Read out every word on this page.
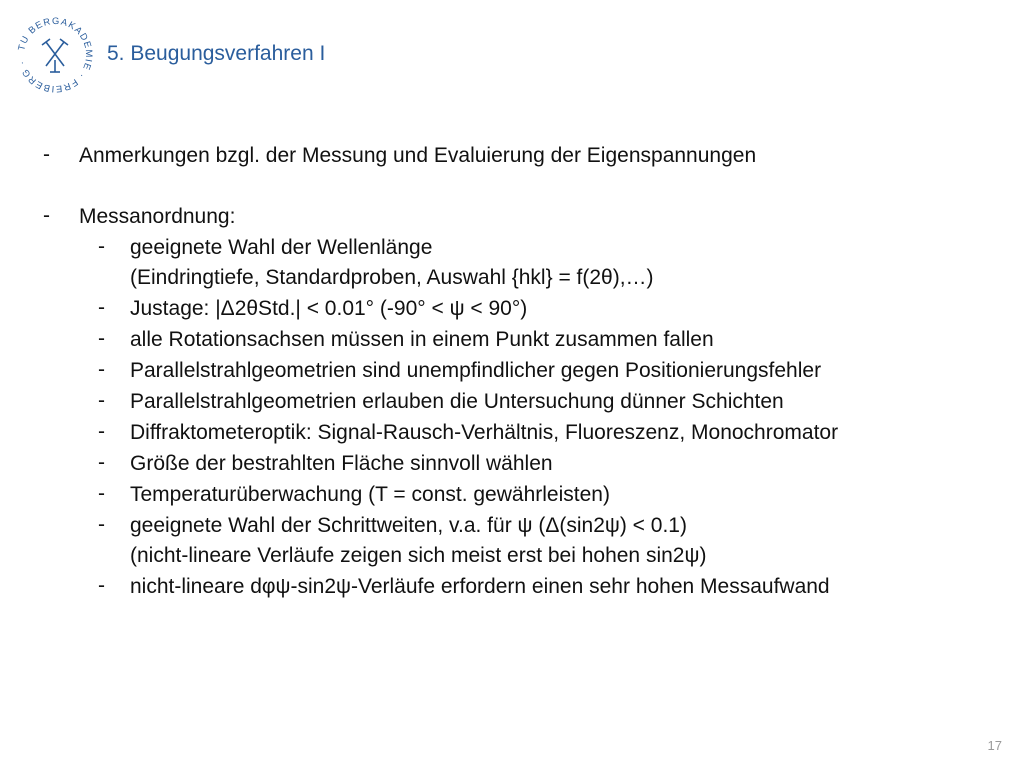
TU BERGAKADEMIE · FREIBERG ·	5. Beugungsverfahren I
- Anmerkungen bzgl. der Messung und Evaluierung der Eigenspannungen
- Messanordnung:
- geeignete Wahl der Wellenlänge
(Eindringtiefe, Standardproben, Auswahl {hkl} = f(2θ),…)
- Justage: |Δ2θStd.| < 0.01° (-90° < ψ < 90°)
- alle Rotationsachsen müssen in einem Punkt zusammen fallen
- Parallelstrahlgeometrien sind unempfindlicher gegen Positionierungsfehler
- Parallelstrahlgeometrien erlauben die Untersuchung dünner Schichten
- Diffraktometeroptik: Signal-Rausch-Verhältnis, Fluoreszenz, Monochromator
- Größe der bestrahlten Fläche sinnvoll wählen
- Temperaturüberwachung (T = const. gewährleisten)
- geeignete Wahl der Schrittweiten, v.a. für ψ (Δ(sin2ψ) < 0.1)
(nicht-lineare Verläufe zeigen sich meist erst bei hohen sin2ψ)
- nicht-lineare dφψ-sin2ψ-Verläufe erfordern einen sehr hohen Messaufwand
17
